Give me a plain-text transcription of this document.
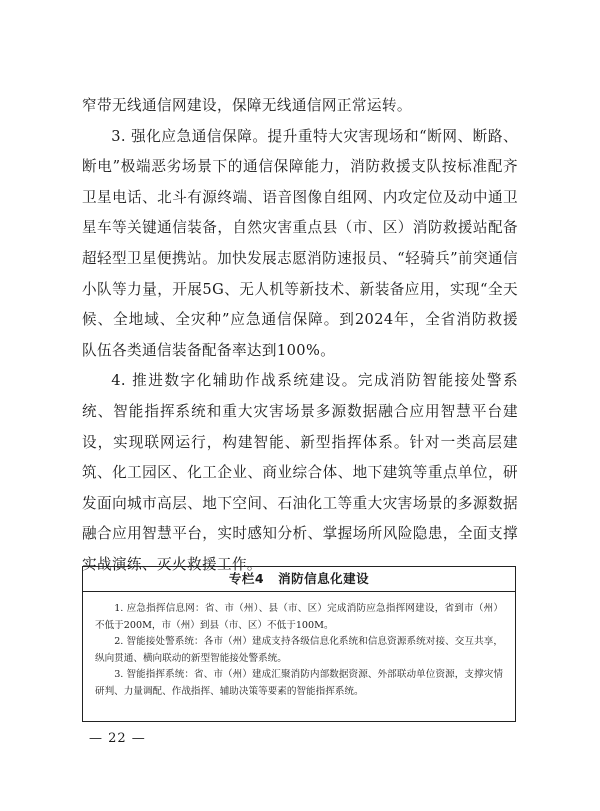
窄带无线通信网建设，保障无线通信网正常运转。

3. 强化应急通信保障。提升重特大灾害现场和“断网、断路、断电”极端恶劣场景下的通信保障能力，消防救援支队按标准配齐卫星电话、北斗有源终端、语音图像自组网、内攻定位及动中通卫星车等关键通信装备，自然灾害重点县（市、区）消防救援站配备超轻型卫星便携站。加快发展志愿消防速报员、“轻骑兵”前突通信小队等力量，开展5G、无人机等新技术、新装备应用，实现“全天候、全地域、全灾种”应急通信保障。到2024年，全省消防救援队伍各类通信装备配备率达到100%。

4. 推进数字化辅助作战系统建设。完成消防智能接处警系统、智能指挥系统和重大灾害场景多源数据融合应用智慧平台建设，实现联网运行，构建智能、新型指挥体系。针对一类高层建筑、化工园区、化工企业、商业综合体、地下建筑等重点单位，研发面向城市高层、地下空间、石油化工等重大灾害场景的多源数据融合应用智慧平台，实时感知分析、掌握场所风险隐患，全面支撑实战演练、灭火救援工作。

专栏4 消防信息化建设

1. 应急指挥信息网：省、市（州）、县（市、区）完成消防应急指挥网建设，省到市（州）不低于200M，市（州）到县（市、区）不低于100M。

2. 智能接处警系统：各市（州）建成支持各级信息化系统和信息资源系统对接、交互共享，纵向贯通、横向联动的新型智能接处警系统。

3. 智能指挥系统：省、市（州）建成汇聚消防内部数据资源、外部联动单位资源，支撑灾情研判、力量调配、作战指挥、辅助决策等要素的智能指挥系统。

— 22 —
